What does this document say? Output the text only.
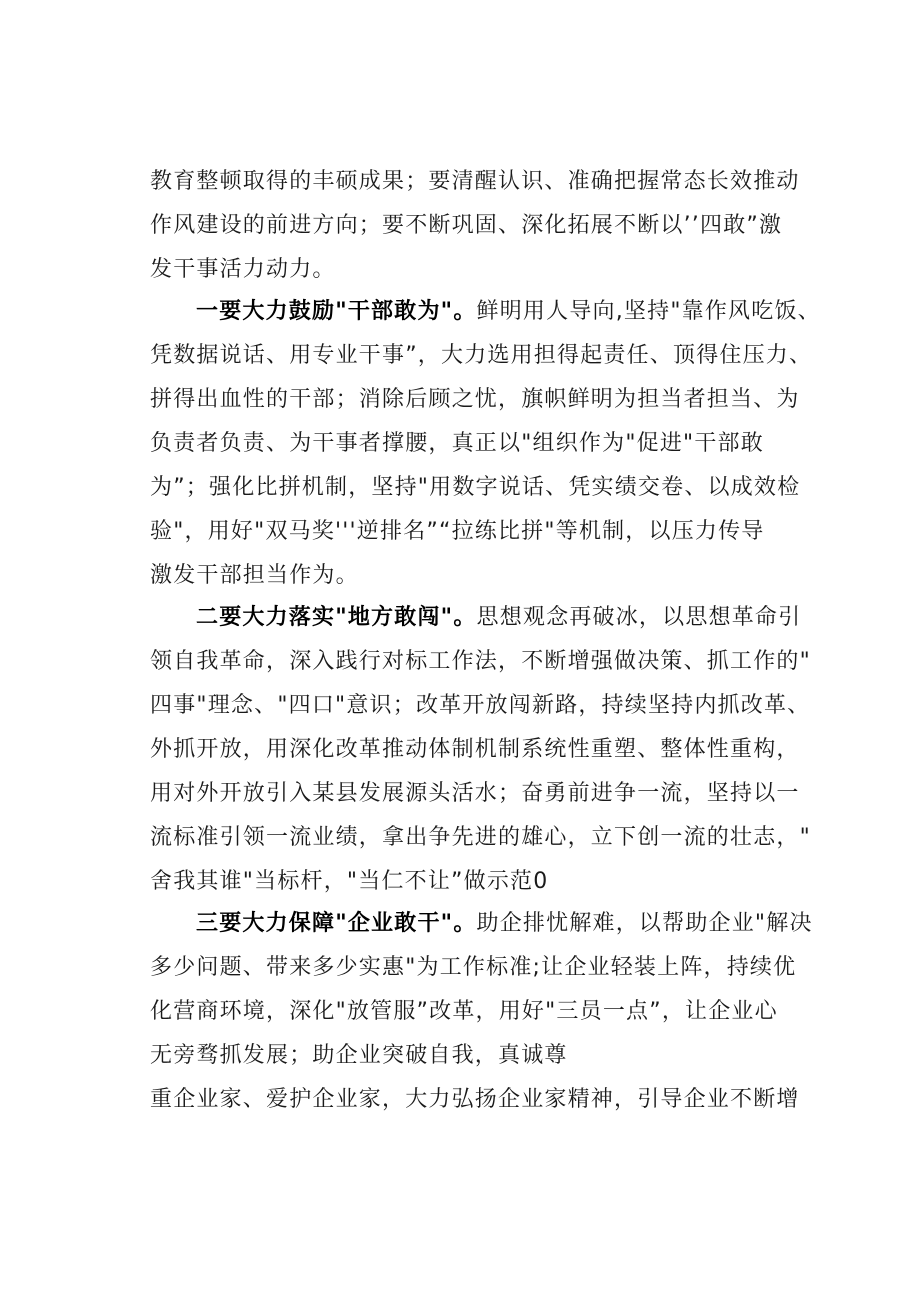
教育整顿取得的丰硕成果；要清醒认识、准确把握常态长效推动
作风建设的前进方向；要不断巩固、深化拓展不断以’’四敢”激
发干事活力动力。
一要大力鼓励"干部敢为"。鲜明用人导向,坚持"靠作风吃饭、
凭数据说话、用专业干事”，大力选用担得起责任、顶得住压力、
拼得出血性的干部；消除后顾之忧，旗帜鲜明为担当者担当、为
负责者负责、为干事者撑腰，真正以"组织作为"促进"干部敢
为”；强化比拼机制，坚持"用数字说话、凭实绩交卷、以成效检
验"，用好"双马奖'''逆排名”“拉练比拼"等机制，以压力传导
激发干部担当作为。
二要大力落实"地方敢闯"。思想观念再破冰，以思想革命引
领自我革命，深入践行对标工作法，不断增强做决策、抓工作的"
四事"理念、"四口"意识；改革开放闯新路，持续坚持内抓改革、
外抓开放，用深化改革推动体制机制系统性重塑、整体性重构，
用对外开放引入某县发展源头活水；奋勇前进争一流，坚持以一
流标准引领一流业绩，拿出争先进的雄心，立下创一流的壮志，"
舍我其谁"当标杆，"当仁不让”做示范0
三要大力保障"企业敢干"。助企排忧解难，以帮助企业"解决
多少问题、带来多少实惠"为工作标准;让企业轻装上阵，持续优
化营商环境，深化"放管服”改革，用好"三员一点”，让企业心
无旁骛抓发展；助企业突破自我，真诚尊
重企业家、爱护企业家，大力弘扬企业家精神，引导企业不断增
